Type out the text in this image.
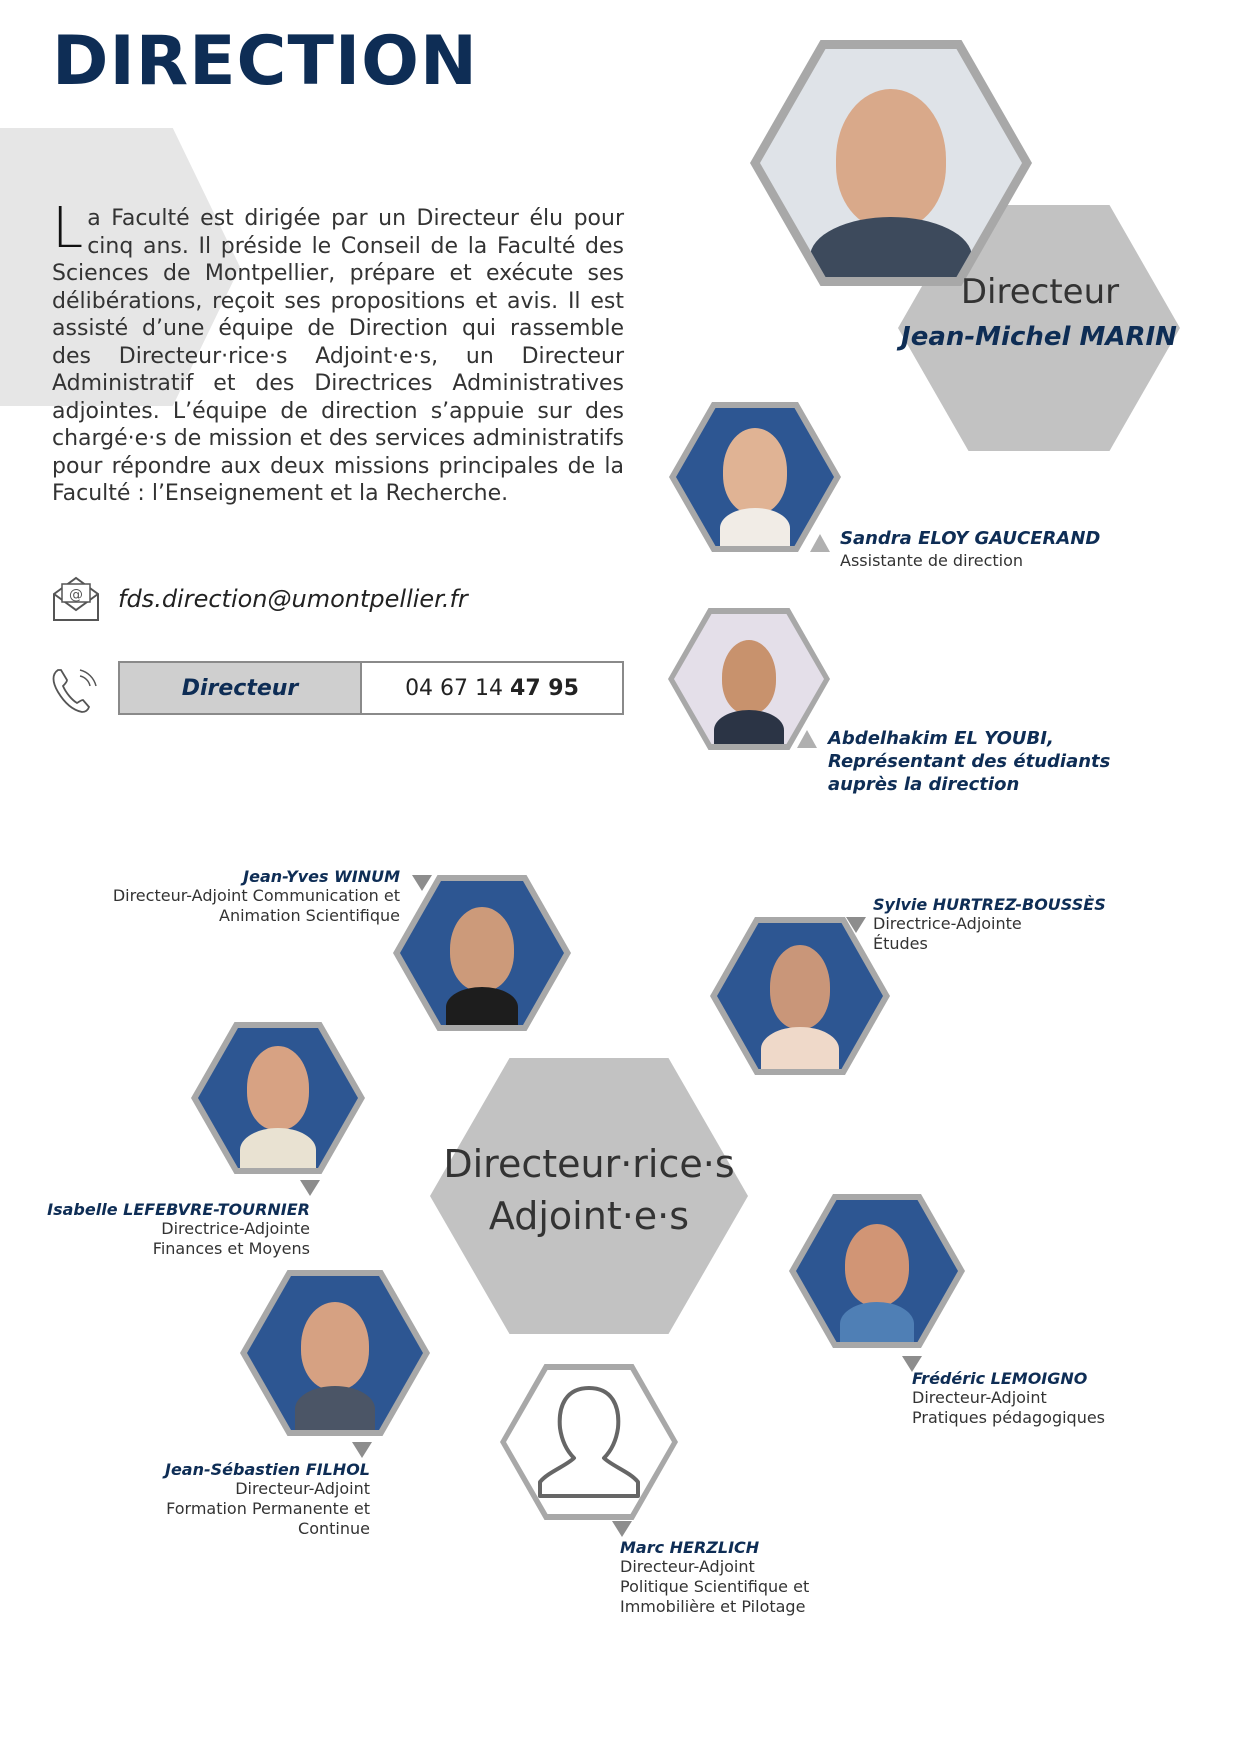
DIRECTION
La Faculté est dirigée par un Directeur élu pour cinq ans. Il préside le Conseil de la Faculté des Sciences de Montpellier, prépare et exécute ses délibérations, reçoit ses propositions et avis. Il est assisté d’une équipe de Direction qui rassemble des Directeur·rice·s Adjoint·e·s, un Directeur Administratif et des Directrices Administratives adjointes. L’équipe de direction s’appuie sur des chargé·e·s de mission et des services administratifs pour répondre aux deux missions principales de la Faculté : l’Enseignement et la Recherche.
@ fds.direction@umontpellier.fr
Directeur	04 67 14 47 95
Directeur
Jean-Michel MARIN
Sandra ELOY GAUCERAND
Assistante de direction
Abdelhakim EL YOUBI,
Représentant des étudiants auprès la direction
Directeur·rice·s
Adjoint·e·s
Jean-Yves WINUM
Directeur-Adjoint Communication et
Animation Scientifique
Sylvie HURTREZ-BOUSSÈS
Directrice-Adjointe
Études
Isabelle LEFEBVRE-TOURNIER
Directrice-Adjointe
Finances et Moyens
Frédéric LEMOIGNO
Directeur-Adjoint
Pratiques pédagogiques
Jean-Sébastien FILHOL
Directeur-Adjoint
Formation Permanente et
Continue
Marc HERZLICH
Directeur-Adjoint
Politique Scientifique et
Immobilière et Pilotage
